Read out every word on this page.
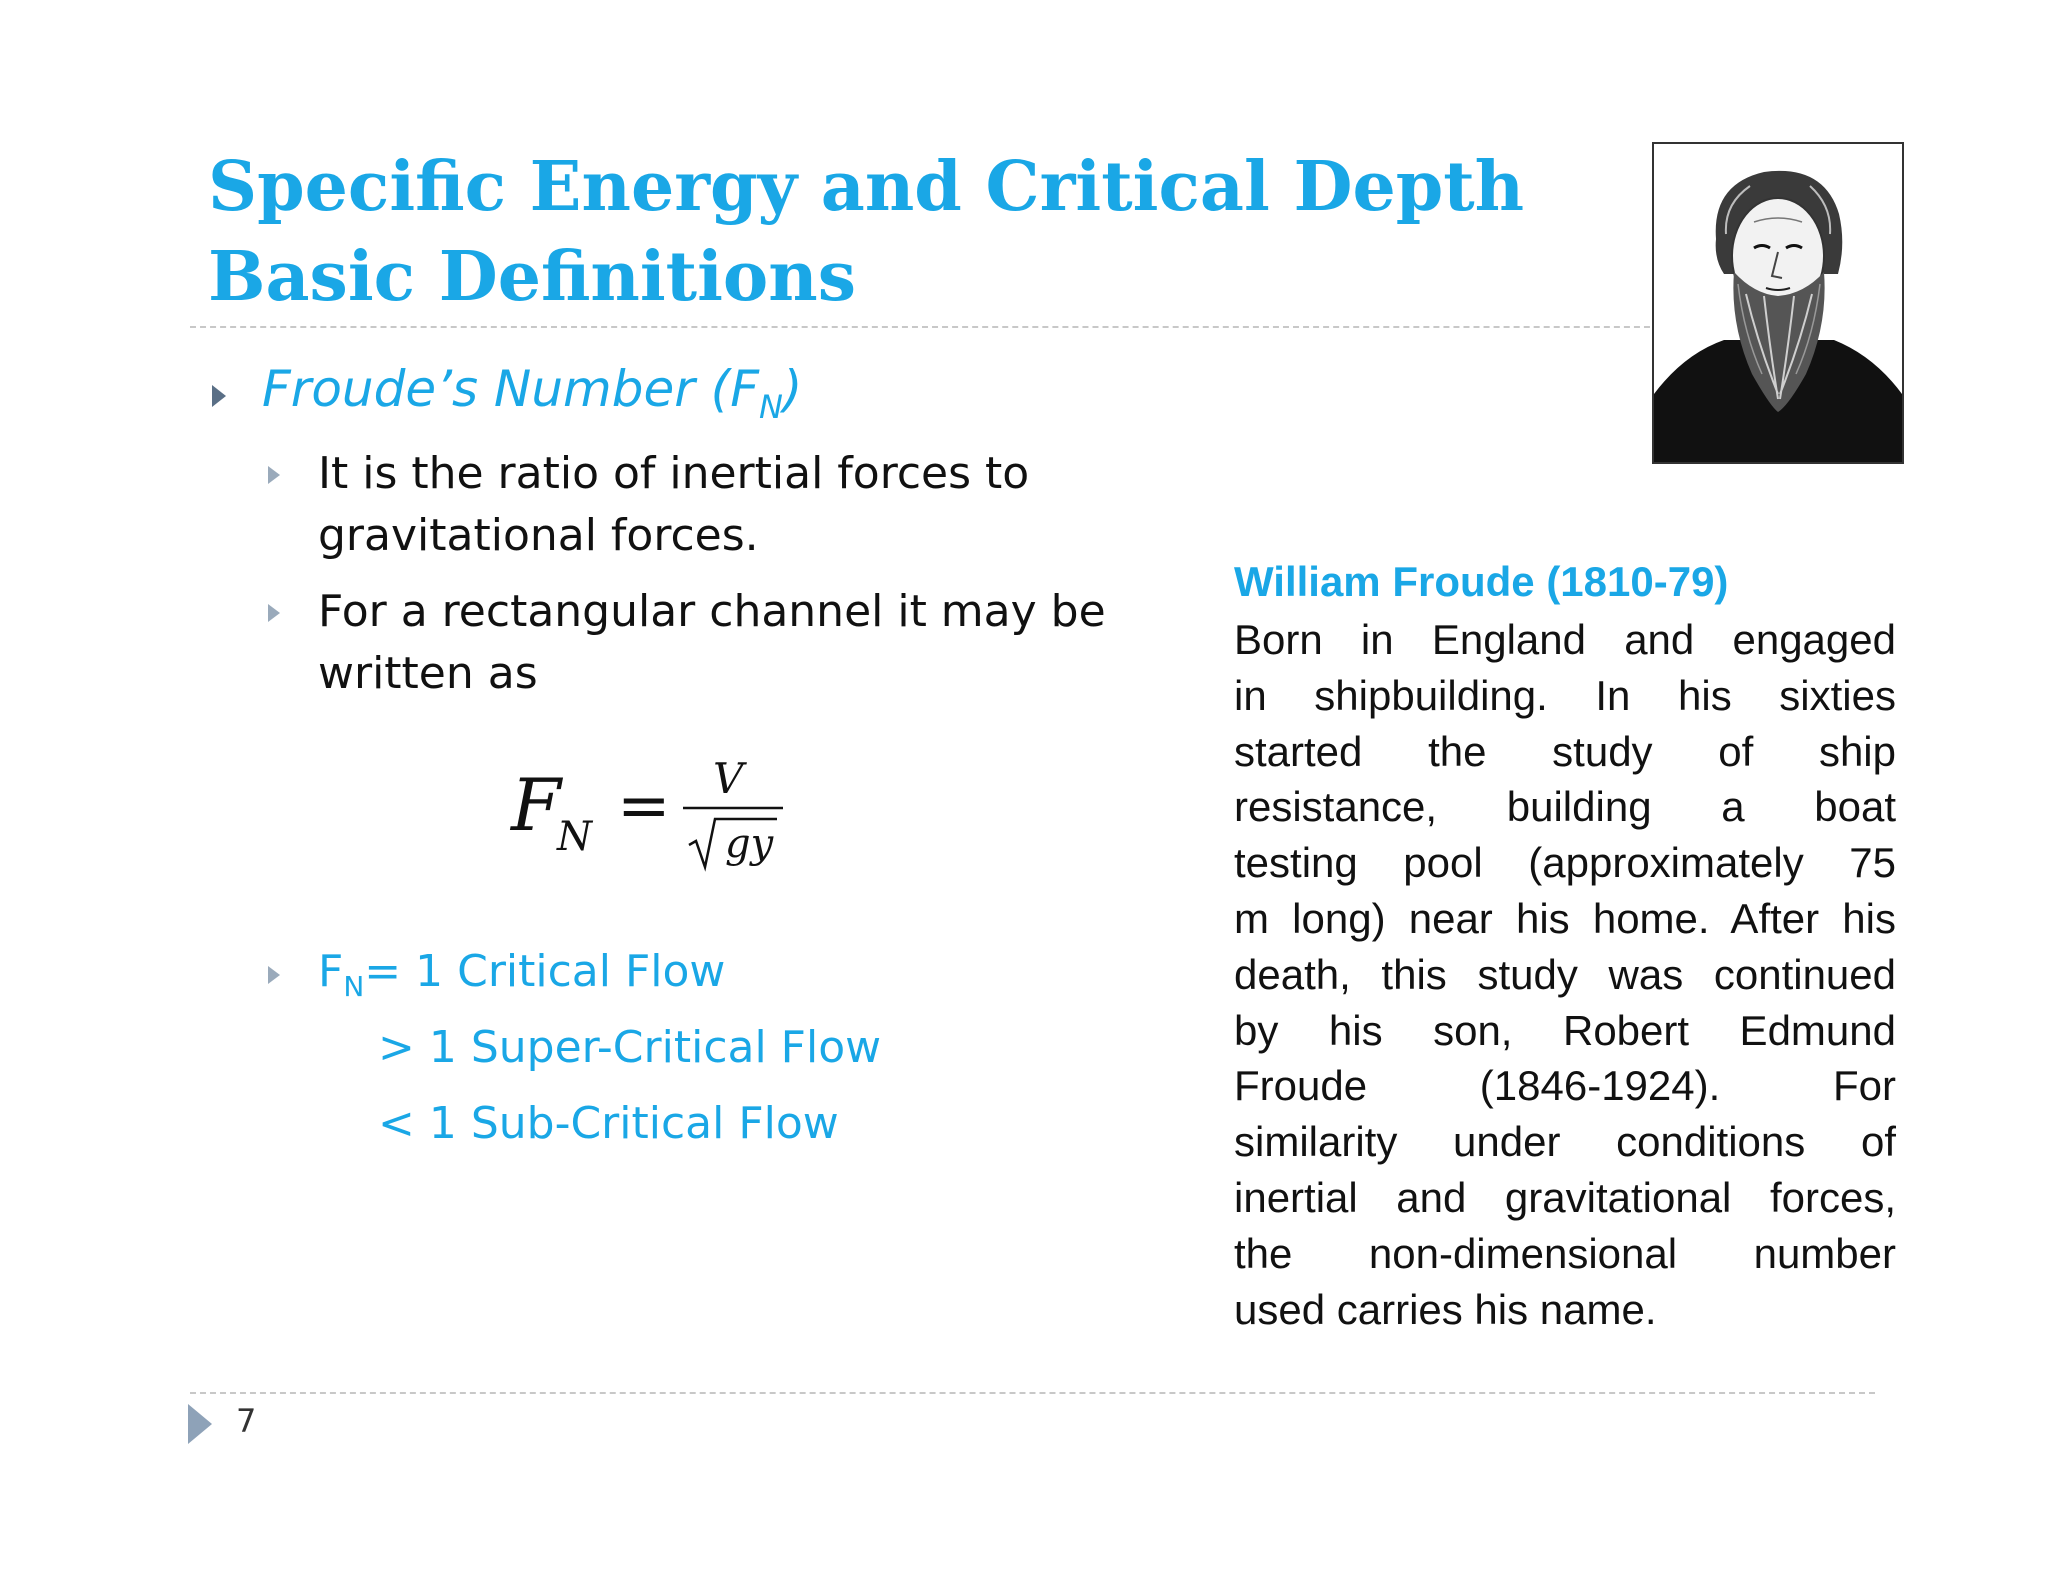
Specific Energy and Critical Depth
Basic Definitions
Froude’s Number $(F_N)$
It is the ratio of inertial forces to
gravitational forces.
For a rectangular channel it may be
written as
F
N = V
gy
$F_N= 1$ Critical Flow
> 1 Super-Critical Flow
< 1 Sub-Critical Flow
William Froude (1810-79)
Born in England and engaged
in shipbuilding. In his sixties
started the study of ship
resistance, building a boat
testing pool (approximately 75
m long) near his home. After his
death, this study was continued
by his son, Robert Edmund
Froude (1846-1924). For
similarity under conditions of
inertial and gravitational forces,
the non-dimensional number
used carries his name.
7
